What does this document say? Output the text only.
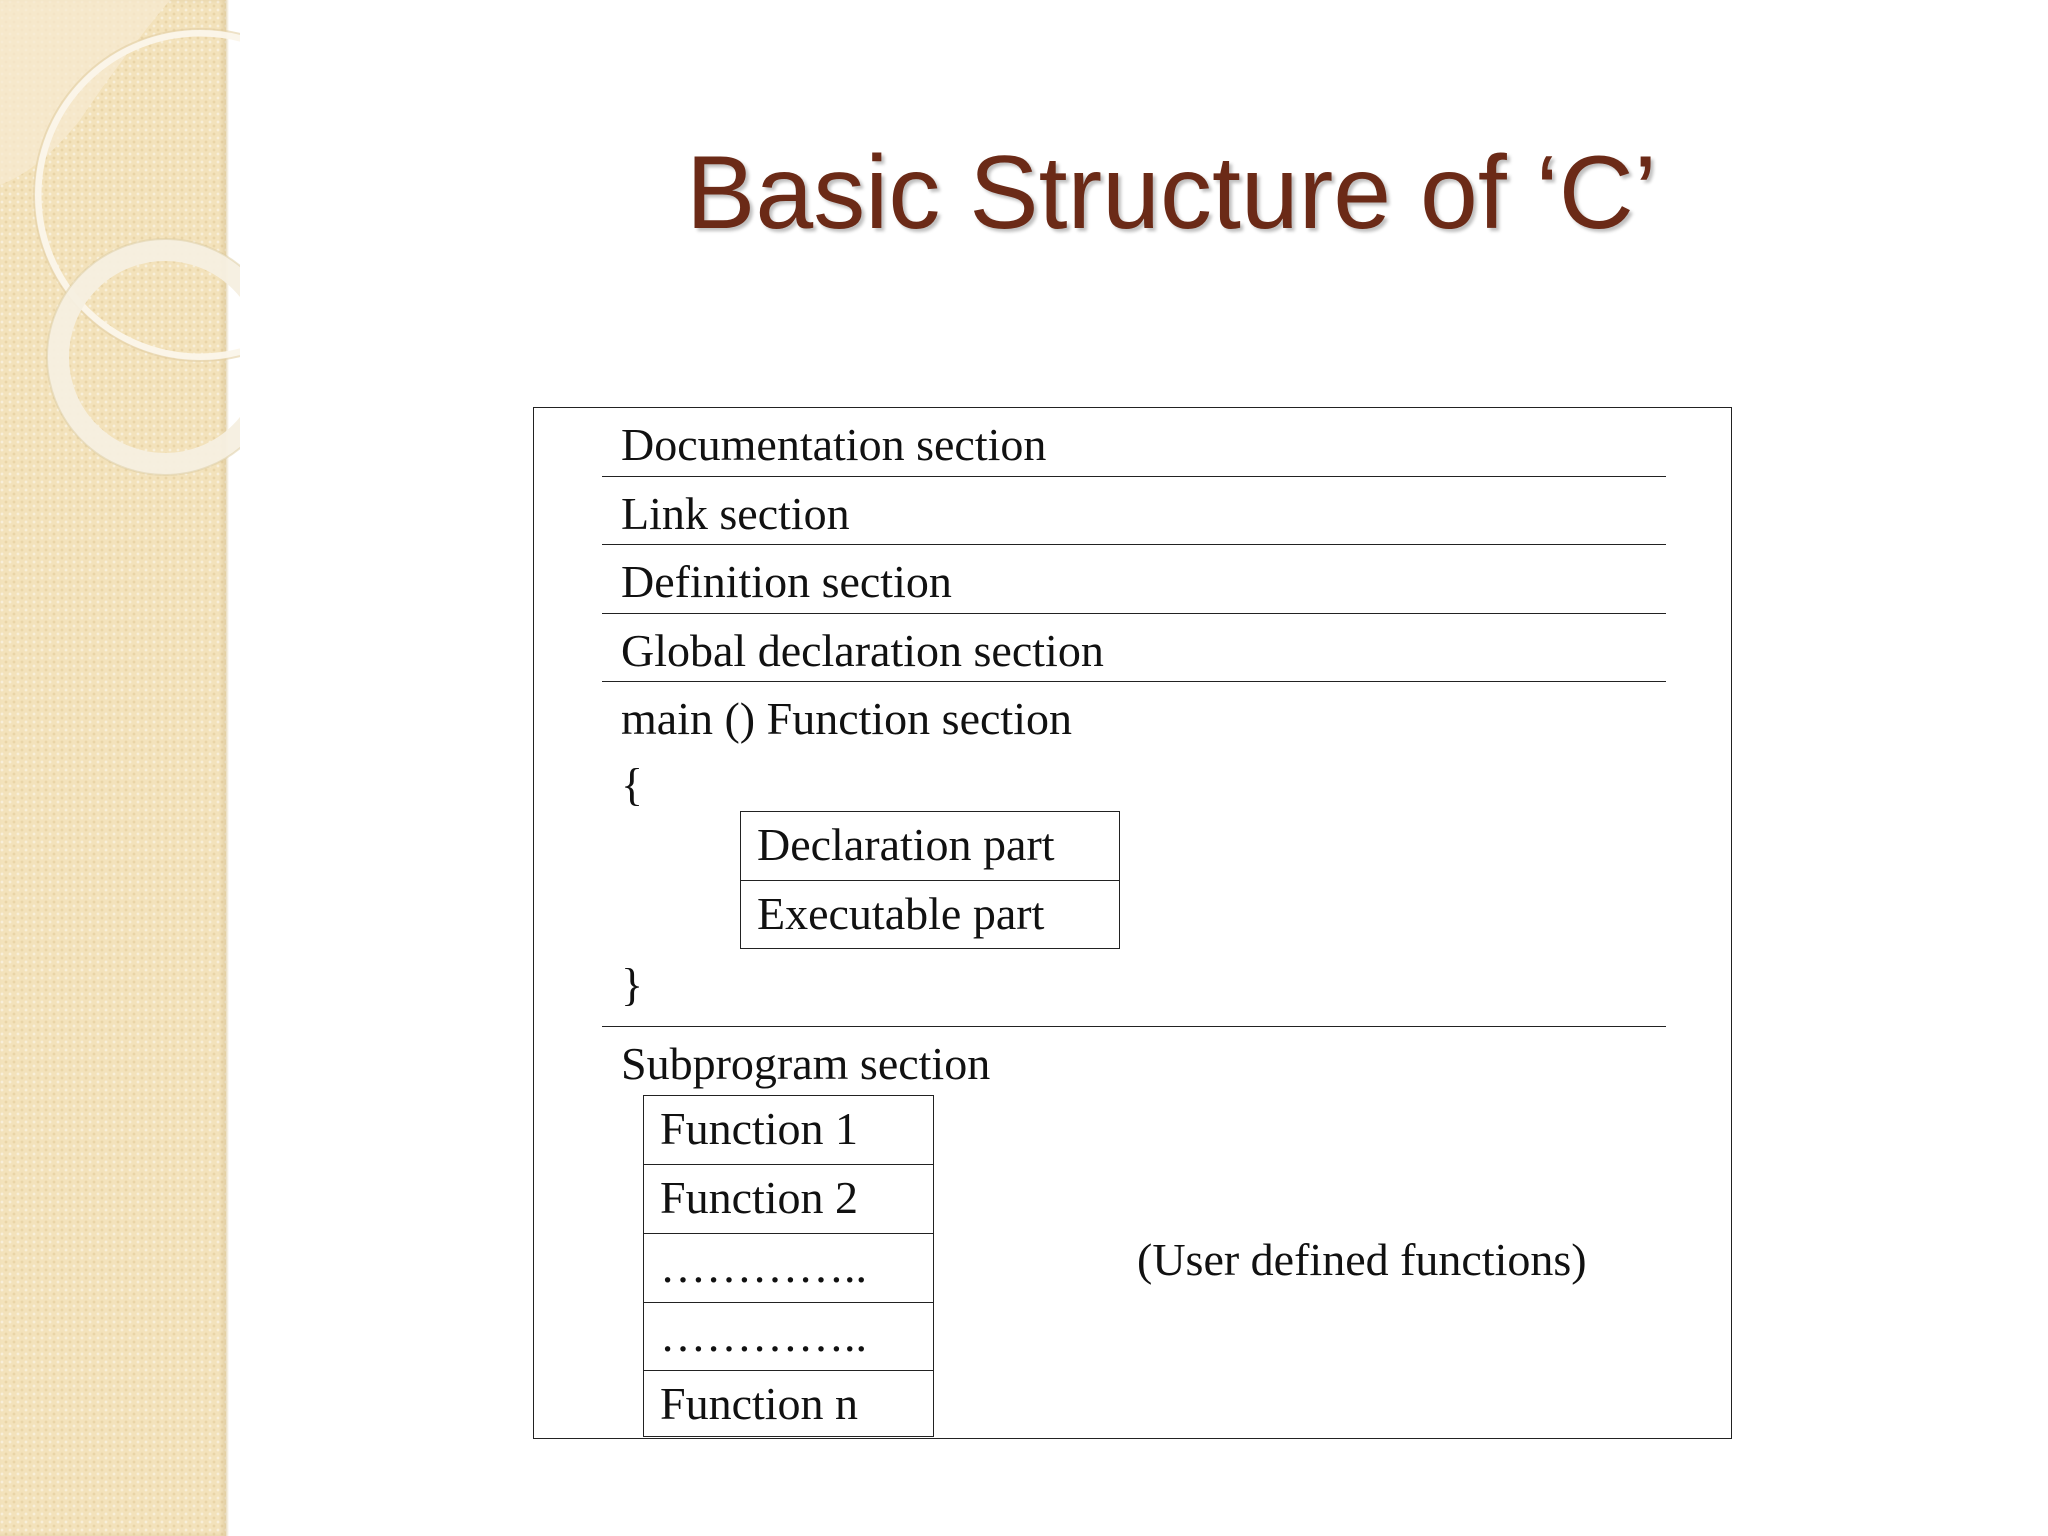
Basic Structure of ‘C’
Documentation section
Link section
Definition section
Global declaration section
main () Function section
{
Declaration part
Executable part
}
Subprogram section
Function 1
Function 2
…………..
…………..
Function n
(User defined functions)
